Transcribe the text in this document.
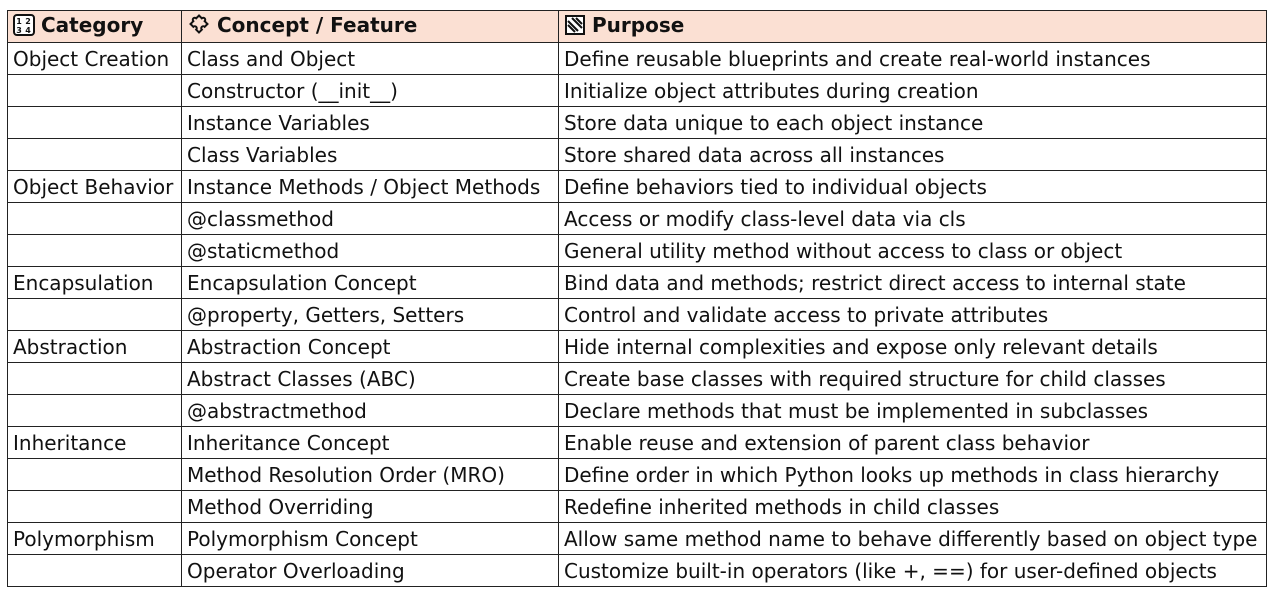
1 2
3 4 Category	Concept / Feature	Purpose
Object Creation	Class and Object	Define reusable blueprints and create real-world instances
	Constructor (__init__)	Initialize object attributes during creation
	Instance Variables	Store data unique to each object instance
	Class Variables	Store shared data across all instances
Object Behavior	Instance Methods / Object Methods	Define behaviors tied to individual objects
	@classmethod	Access or modify class-level data via cls
	@staticmethod	General utility method without access to class or object
Encapsulation	Encapsulation Concept	Bind data and methods; restrict direct access to internal state
	@property, Getters, Setters	Control and validate access to private attributes
Abstraction	Abstraction Concept	Hide internal complexities and expose only relevant details
	Abstract Classes (ABC)	Create base classes with required structure for child classes
	@abstractmethod	Declare methods that must be implemented in subclasses
Inheritance	Inheritance Concept	Enable reuse and extension of parent class behavior
	Method Resolution Order (MRO)	Define order in which Python looks up methods in class hierarchy
	Method Overriding	Redefine inherited methods in child classes
Polymorphism	Polymorphism Concept	Allow same method name to behave differently based on object type
	Operator Overloading	Customize built-in operators (like +, ==) for user-defined objects
